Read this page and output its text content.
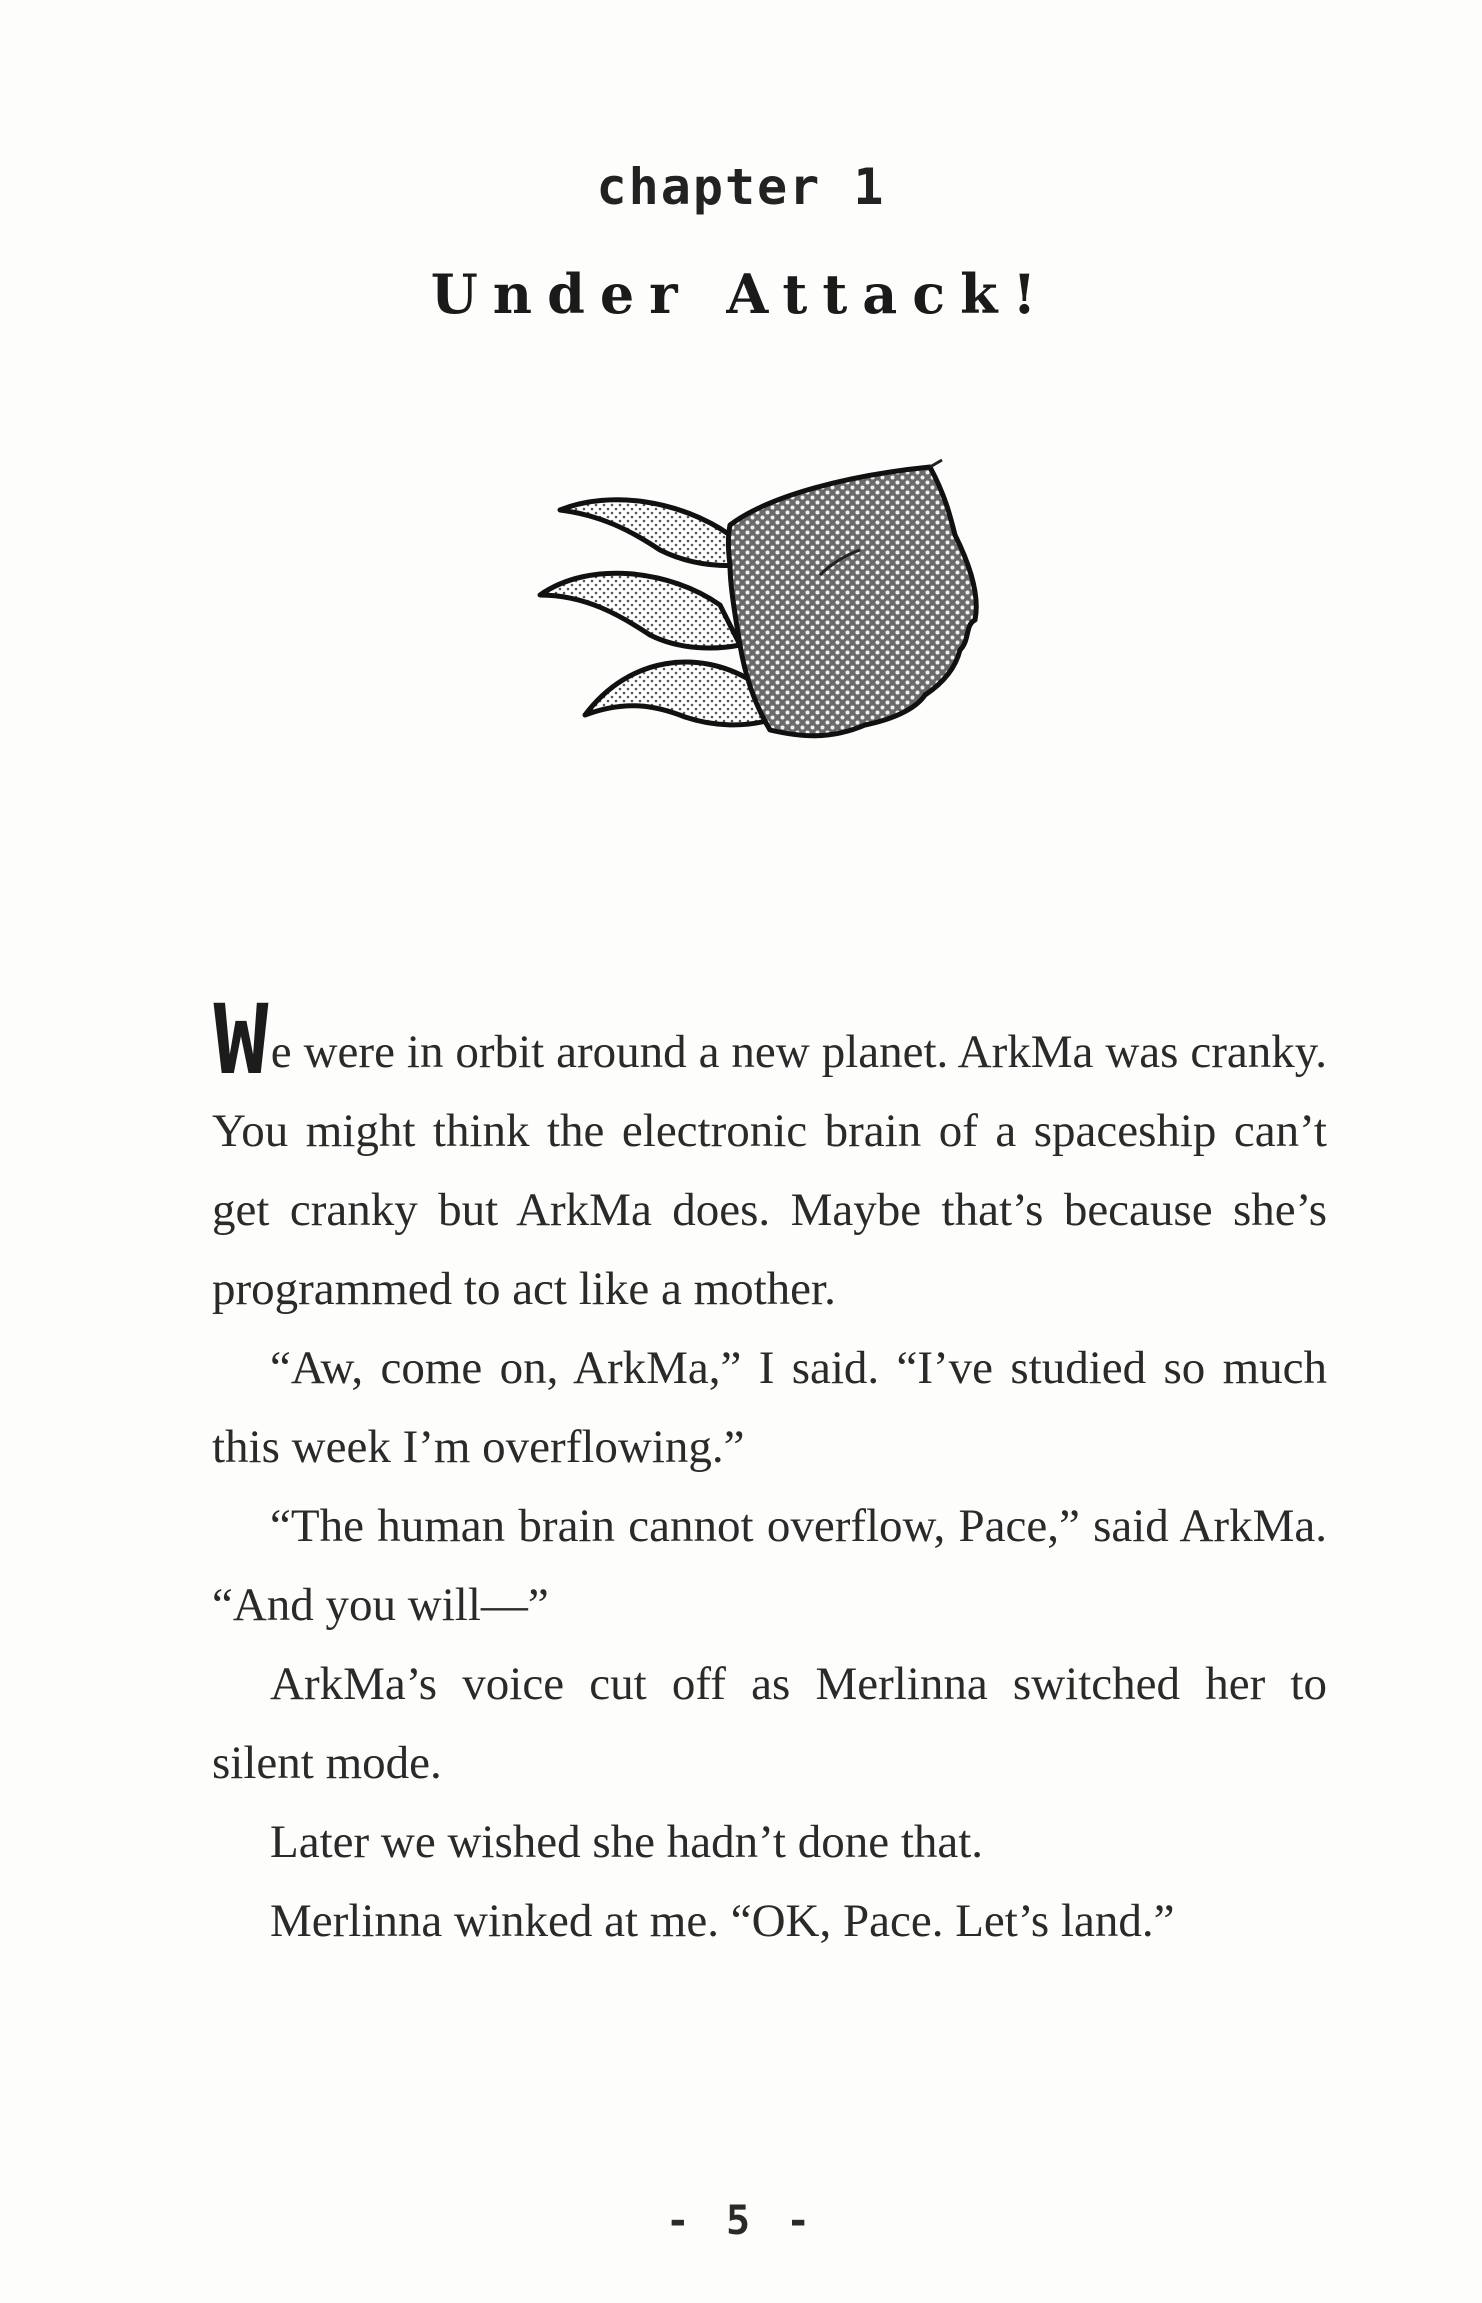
chapter 1
Under Attack!

We were in orbit around a new planet. ArkMa was cranky. You might think the electronic brain of a spaceship can’t get cranky but ArkMa does. Maybe that’s because she’s programmed to act like a mother.

“Aw, come on, ArkMa,” I said. “I’ve studied so much this week I’m overflowing.”

“The human brain cannot overflow, Pace,” said ArkMa. “And you will—”

ArkMa’s voice cut off as Merlinna switched her to silent mode.

Later we wished she hadn’t done that.

Merlinna winked at me. “OK, Pace. Let’s land.”

- 5 -
